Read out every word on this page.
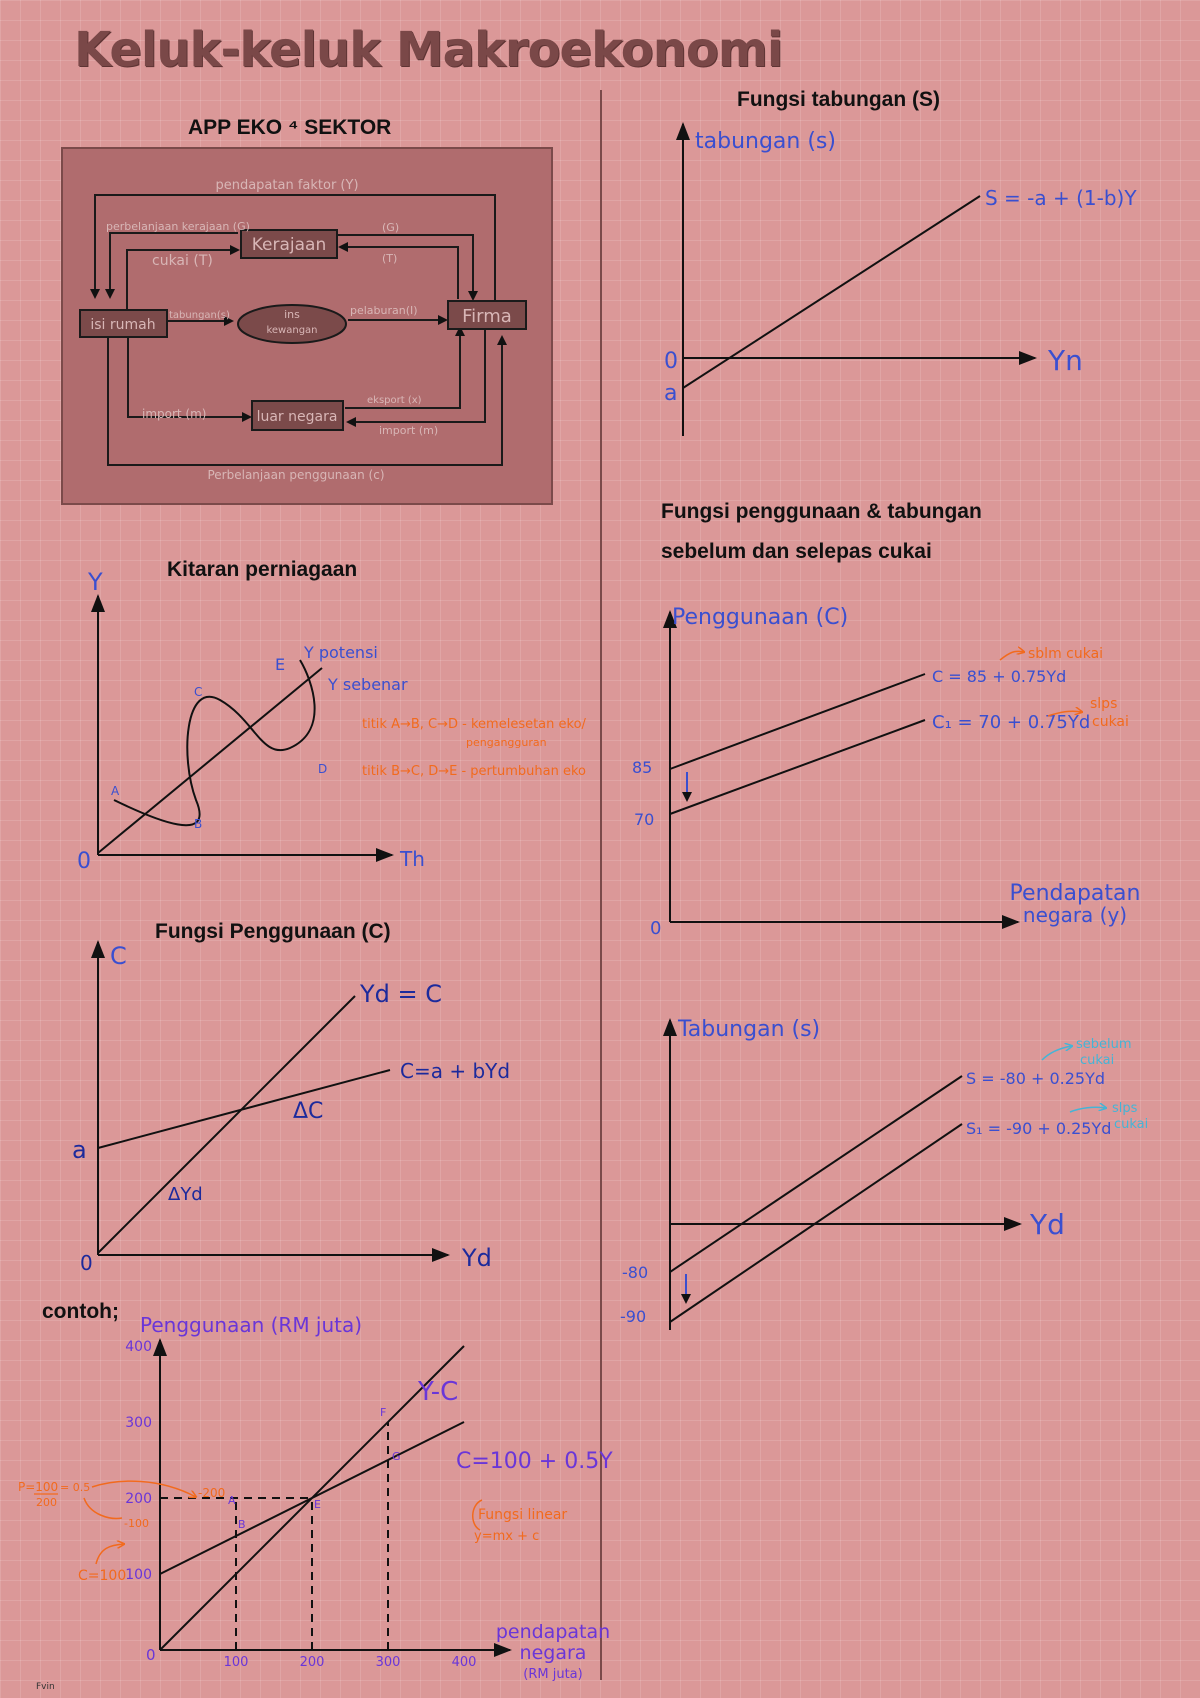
Keluk-keluk Makroekonomi
APP EKO ⁴ SEKTOR
Kitaran perniagaan
Fungsi Penggunaan (C)
contoh;
Fungsi tabungan (S)
Fungsi penggunaan & tabungan
sebelum dan selepas cukai
isi rumah
Kerajaan
ins
kewangan
Firma
luar negara
pendapatan faktor (Y)
perbelanjaan kerajaan (G)
cukai (T)
(G)
(T)
tabungan(s)	pelaburan(I)
import (m)
eksport (x)
import (m)
Perbelanjaan penggunaan (c)
Y
Th
0
A
B
C
D
E
Y potensi
Y sebenar
titik A→B, C→D - kemelesetan eko/
pengangguran
titik B→C, D→E - pertumbuhan eko
C
Yd
0
a
Yd = C
C=a + bYd
ΔC
ΔYd
100	200	300	400
100
200
300
400
A
B
E
F
G
Penggunaan (RM juta)
pendapatan
negara
(RM juta)
0
Y-C
C=100 + 0.5Y
Fungsi linear
y=mx + c
P=100
200
= 0.5	-200
-100
C=100
tabungan (s)
Yn
0
a
S = -a + (1-b)Y
Penggunaan (C)
Pendapatan
negara (y)
0
85
70
C = 85 + 0.75Yd
C₁ = 70 + 0.75Yd
sblm cukai
slps
cukai
Tabungan (s)
Yd
-80
-90
S = -80 + 0.25Yd
S₁ = -90 + 0.25Yd
sebelum
cukai
slps
cukai
Fvin
